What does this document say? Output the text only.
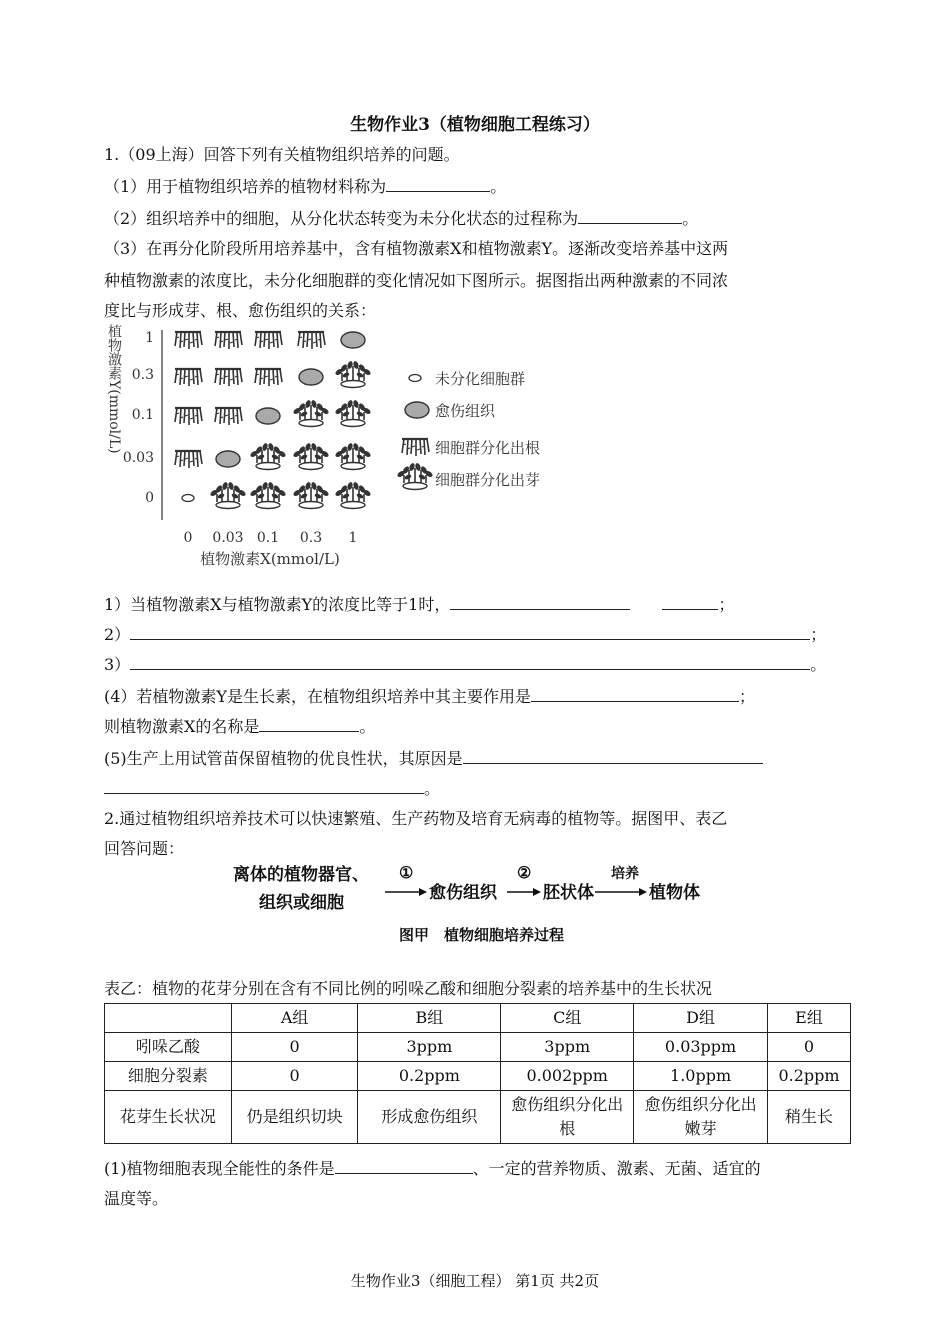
生物作业3（植物细胞工程练习）
1.（09上海）回答下列有关植物组织培养的问题。
（1）用于植物组织培养的植物材料称为	。
（2）组织培养中的细胞，从分化状态转变为未分化状态的过程称为	。
（3）在再分化阶段所用培养基中，含有植物激素X和植物激素Y。逐渐改变培养基中这两
种植物激素的浓度比，未分化细胞群的变化情况如下图所示。据图指出两种激素的不同浓
度比与形成芽、根、愈伤组织的关系：
植物激素Y(mmol/L) 1
0.3
0.1
0.03
0
0 0.03 0.1 0.3 1
植物激素X(mmol/L)
未分化细胞群
愈伤组织
细胞群分化出根
细胞群分化出芽
1）当植物激素X与植物激素Y的浓度比等于1时，	；
2）	；
3）	。
(4）若植物激素Y是生长素，在植物组织培养中其主要作用是	；
则植物激素X的名称是	。
(5)生产上用试管苗保留植物的优良性状，其原因是
。
2.通过植物组织培养技术可以快速繁殖、生产药物及培育无病毒的植物等。据图甲、表乙
回答问题：
离体的植物器官、
组织或细胞
①
愈伤组织
②
胚状体
培养
植物体
图甲　植物细胞培养过程
表乙：植物的花芽分别在含有不同比例的吲哚乙酸和细胞分裂素的培养基中的生长状况
	A组	B组	C组	D组	E组
吲哚乙酸	0	3ppm	3ppm	0.03ppm	0
细胞分裂素	0	0.2ppm	0.002ppm	1.0ppm	0.2ppm
花芽生长状况	仍是组织切块	形成愈伤组织	愈伤组织分化出根	愈伤组织分化出嫩芽	稍生长
(1)植物细胞表现全能性的条件是	、一定的营养物质、激素、无菌、适宜的
温度等。
生物作业3（细胞工程） 第1页 共2页
